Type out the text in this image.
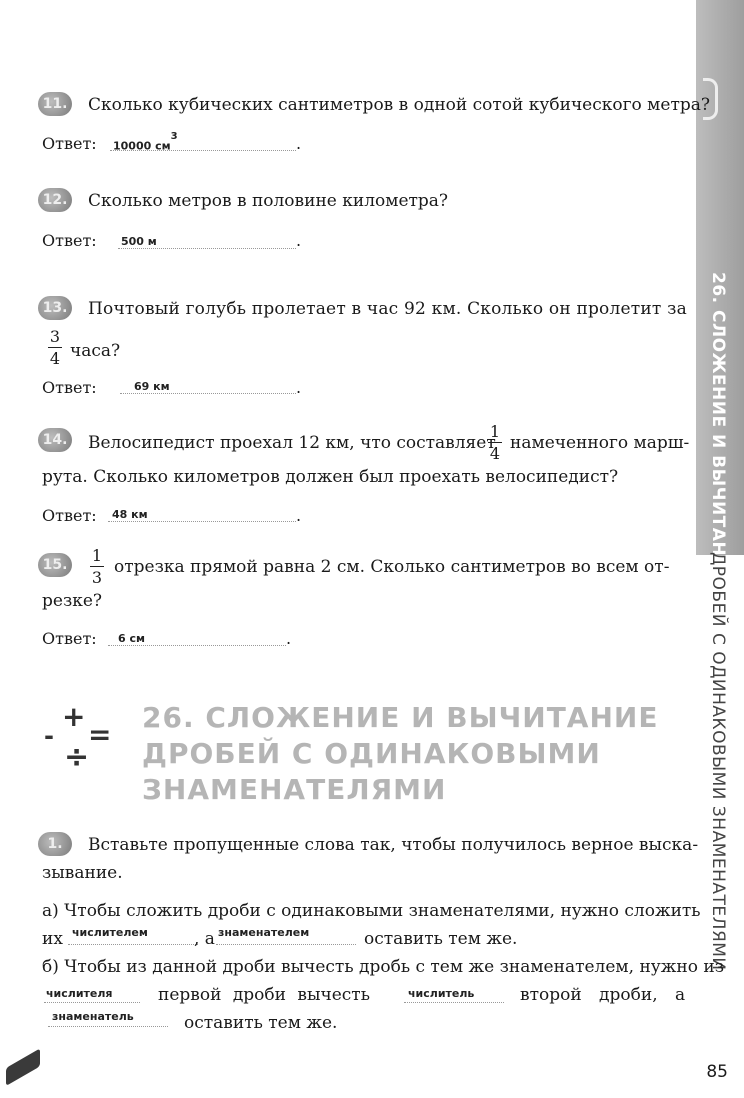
26. СЛОЖЕНИЕ И ВЫЧИТАНИЕ
ДРОБЕЙ С ОДИНАКОВЫМИ ЗНАМЕНАТЕЛЯМИ
11. Сколько кубических сантиметров в одной сотой кубического метра?
Ответ: 10000 $см^3$	.
12. Сколько метров в половине километра?
Ответ: 500 м	.
13. Почтовый голубь пролетает в час 92 км. Сколько он пролетит за
3
4 часа?
Ответ:	69 км	.
14. Велосипедист проехал 12 км, что составляет
1
4
намеченного марш-
рута. Сколько километров должен был проехать велосипедист?
Ответ: 48 км	.
15. 1
3
отрезка прямой равна 2 см. Сколько сантиметров во всем от-
резке?
Ответ: 6 см	.
-
+
=
÷
26. СЛОЖЕНИЕ И ВЫЧИТАНИЕ
ДРОБЕЙ С ОДИНАКОВЫМИ
ЗНАМЕНАТЕЛЯМИ
1.	Вставьте пропущенные слова так, чтобы получилось верное выска-
зывание.
а) Чтобы сложить дроби с одинаковыми знаменателями, нужно сложить
их числителем	, а знаменателем	оставить тем же.
б) Чтобы из данной дроби вычесть дробь с тем же знаменателем, нужно из
числителя	первой дроби вычесть	числитель	второй дроби, а
знаменатель	оставить тем же.
85
